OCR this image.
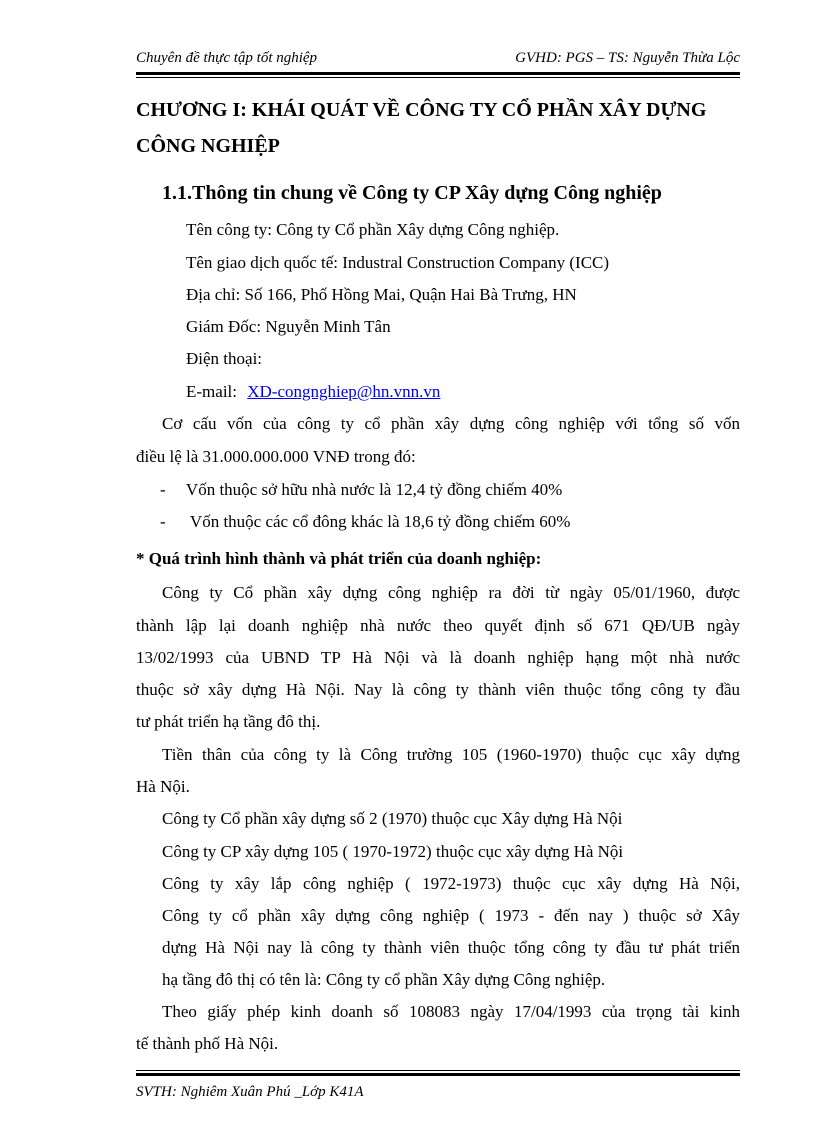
Chuyên đề thực tập tốt nghiệp	GVHD: PGS – TS: Nguyễn Thừa Lộc
CHƯƠNG I: KHÁI QUÁT VỀ CÔNG TY CỔ PHẦN XÂY DỰNG CÔNG NGHIỆP
1.1.Thông tin chung về Công ty CP Xây dựng Công nghiệp
Tên công ty: Công ty Cổ phần Xây dựng Công nghiệp.
Tên giao dịch quốc tế: Industral Construction Company (ICC)
Địa chỉ: Số 166, Phố Hồng Mai, Quận Hai Bà Trưng, HN
Giám Đốc: Nguyễn Minh Tân
Điện thoại:
E-mail: XD-congnghiep@hn.vnn.vn
Cơ cấu vốn của công ty cổ phần xây dựng công nghiệp với tổng số vốn
điều lệ là 31.000.000.000 VNĐ trong đó:
- Vốn thuộc sở hữu nhà nước là 12,4 tỷ đồng chiếm 40%
- Vốn thuộc các cổ đông khác là 18,6 tỷ đồng chiếm 60%
* Quá trình hình thành và phát triển của doanh nghiệp:
Công ty Cổ phần xây dựng công nghiệp ra đời từ ngày 05/01/1960, được
thành lập lại doanh nghiệp nhà nước theo quyết định số 671 QĐ/UB ngày
13/02/1993 của UBND TP Hà Nội và là doanh nghiệp hạng một nhà nước
thuộc sở xây dựng Hà Nội. Nay là công ty thành viên thuộc tổng công ty đầu
tư phát triển hạ tầng đô thị.
Tiền thân của công ty là Công trường 105 (1960-1970) thuộc cục xây dựng
Hà Nội.
Công ty Cổ phần xây dựng số 2 (1970) thuộc cục Xây dựng Hà Nội
Công ty CP xây dựng 105 ( 1970-1972) thuộc cục xây dựng Hà Nội
Công ty xây lắp công nghiệp ( 1972-1973) thuộc cục xây dựng Hà Nội,
Công ty cổ phần xây dựng công nghiệp ( 1973 - đến nay ) thuộc sở Xây
dựng Hà Nội nay là công ty thành viên thuộc tổng công ty đầu tư phát triển
hạ tầng đô thị có tên là: Công ty cổ phần Xây dựng Công nghiệp.
Theo giấy phép kinh doanh số 108083 ngày 17/04/1993 của trọng tài kinh
tế thành phố Hà Nội.
SVTH: Nghiêm Xuân Phú _Lớp K41A
